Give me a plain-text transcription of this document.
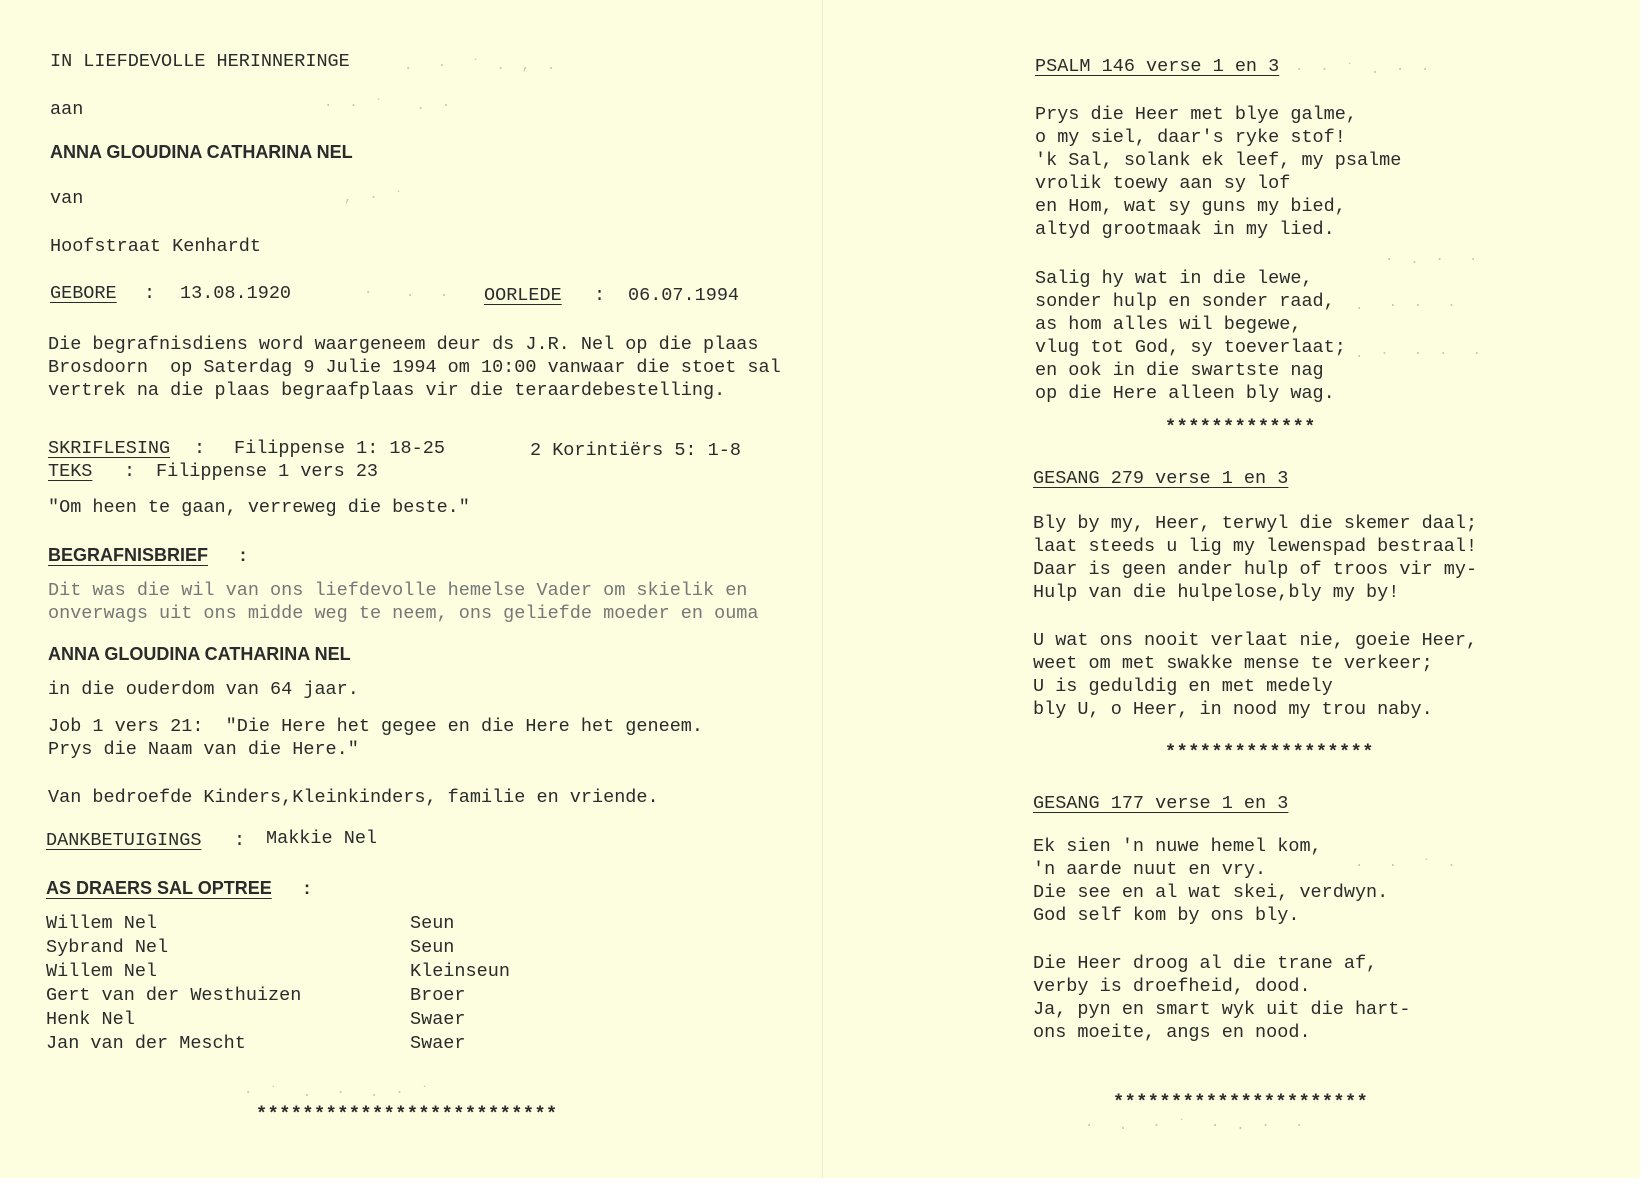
IN LIEFDEVOLLE HERINNERINGE
aan
ANNA GLOUDINA CATHARINA NEL
van
Hoofstraat Kenhardt
GEBORE : 13.08.1920	OORLEDE : 06.07.1994
Die begrafnisdiens word waargeneem deur ds J.R. Nel op die plaas
Brosdoorn  op Saterdag 9 Julie 1994 om 10:00 vanwaar die stoet sal
vertrek na die plaas begraafplaas vir die teraardebestelling.
SKRIFLESING : Filippense 1: 18-25	2 Korintiërs 5: 1-8
TEKS : Filippense 1 vers 23
"Om heen te gaan, verreweg die beste."
BEGRAFNISBRIEF :
Dit was die wil van ons liefdevolle hemelse Vader om skielik en
onverwags uit ons midde weg te neem, ons geliefde moeder en ouma
ANNA GLOUDINA CATHARINA NEL
in die ouderdom van 64 jaar.
Job 1 vers 21:  "Die Here het gegee en die Here het geneem.
Prys die Naam van die Here."
Van bedroefde Kinders,Kleinkinders, familie en vriende.
DANKBETUIGINGS : Makkie Nel
AS DRAERS SAL OPTREE :
Willem Nel	Seun
Sybrand Nel	Seun
Willem Nel	Kleinseun
Gert van der Westhuizen	Broer
Henk Nel	Swaer
Jan van der Mescht	Swaer
**************************
.   ·   ˙  .  ,  .
·  ·  ˙    .  ·
,  ·  ˙
·    .   .
·  ˙   .   ·   .  ·  ˙
PSALM 146 verse 1 en 3
Prys die Heer met blye galme,
o my siel, daar's ryke stof!
'k Sal, solank ek leef, my psalme
vrolik toewy aan sy lof
en Hom, wat sy guns my bied,
altyd grootmaak in my lied.
Salig hy wat in die lewe,
sonder hulp en sonder raad,
as hom alles wil begewe,
vlug tot God, sy toeverlaat;
en ook in die swartste nag
op die Here alleen bly wag.
*************
GESANG 279 verse 1 en 3
Bly by my, Heer, terwyl die skemer daal;
laat steeds u lig my lewenspad bestraal!
Daar is geen ander hulp of troos vir my-
Hulp van die hulpelose,bly my by!
U wat ons nooit verlaat nie, goeie Heer,
weet om met swakke mense te verkeer;
U is geduldig en met medely
bly U, o Heer, in nood my trou naby.
******************
GESANG 177 verse 1 en 3
Ek sien 'n nuwe hemel kom,
'n aarde nuut en vry.
Die see en al wat skei, verdwyn.
God self kom by ons bly.
Die Heer droog al die trane af,
verby is droefheid, dood.
Ja, pyn en smart wyk uit die hart-
ons moeite, angs en nood.
**********************
·  ·  ˙  .  ·  ·
·  .  ·   ·
.   ·  ·   ·
.  ·   ·  ·   ·
·   ·   ˙  ·
·   .   ·  ˙   ·  .  ·   ·
